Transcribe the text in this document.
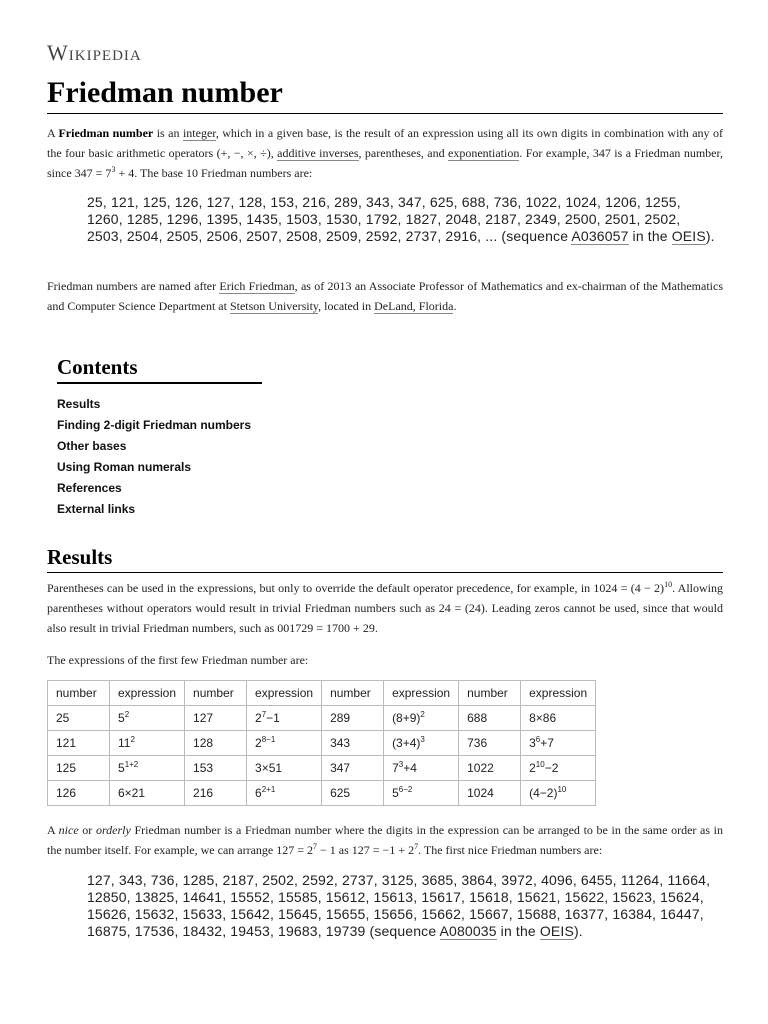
Wikipedia
Friedman number

A Friedman number is an integer, which in a given base, is the result of an expression using all its own digits in combination with any of the four basic arithmetic operators (+, −, ×, ÷), additive inverses, parentheses, and exponentiation. For example, 347 is a Friedman number, since $347 = 7^3 + 4$. The base 10 Friedman numbers are:

25, 121, 125, 126, 127, 128, 153, 216, 289, 343, 347, 625, 688, 736, 1022, 1024, 1206, 1255, 1260, 1285, 1296, 1395, 1435, 1503, 1530, 1792, 1827, 2048, 2187, 2349, 2500, 2501, 2502, 2503, 2504, 2505, 2506, 2507, 2508, 2509, 2592, 2737, 2916, ... (sequence A036057 in the OEIS).

Friedman numbers are named after Erich Friedman, as of 2013 an Associate Professor of Mathematics and ex-chairman of the Mathematics and Computer Science Department at Stetson University, located in DeLand, Florida.

Contents
Results
Finding 2-digit Friedman numbers
Other bases
Using Roman numerals
References
External links
Results

Parentheses can be used in the expressions, but only to override the default operator precedence, for example, in $1024 = (4 - 2)^{10}$. Allowing parentheses without operators would result in trivial Friedman numbers such as 24 = (24). Leading zeros cannot be used, since that would also result in trivial Friedman numbers, such as 001729 = 1700 + 29.

The expressions of the first few Friedman number are:

number	expression	number	expression	number	expression	number	expression
25	$5^2$	127	$2^7-1$	289	$(8+9)^2$	688	8×86
121	$11^2$	128	$2^{8-1}$	343	$(3+4)^3$	736	$3^6+7$
125	$5^{1+2}$	153	3×51	347	$7^3+4$	1022	$2^{10}-2$
126	6×21	216	$6^{2+1}$	625	$5^{6-2}$	1024	$(4-2)^{10}$

A nice or orderly Friedman number is a Friedman number where the digits in the expression can be arranged to be in the same order as in the number itself. For example, we can arrange $127 = 2^7 - 1$ as $127 = -1 + 2^7$. The first nice Friedman numbers are:

127, 343, 736, 1285, 2187, 2502, 2592, 2737, 3125, 3685, 3864, 3972, 4096, 6455, 11264, 11664, 12850, 13825, 14641, 15552, 15585, 15612, 15613, 15617, 15618, 15621, 15622, 15623, 15624, 15626, 15632, 15633, 15642, 15645, 15655, 15656, 15662, 15667, 15688, 16377, 16384, 16447, 16875, 17536, 18432, 19453, 19683, 19739 (sequence A080035 in the OEIS).
